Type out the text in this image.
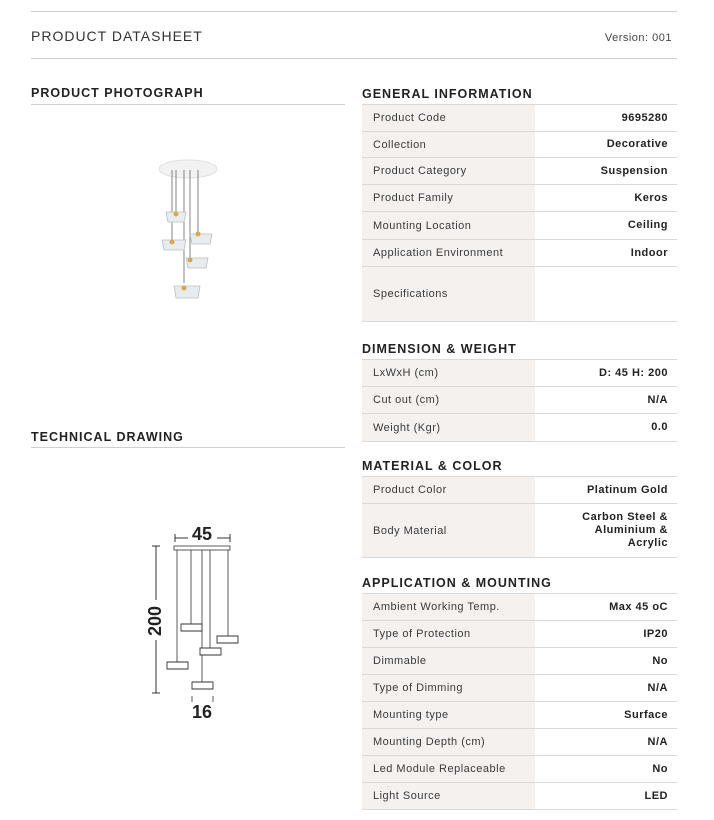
PRODUCT DATASHEET	Version: 001
PRODUCT PHOTOGRAPH
TECHNICAL DRAWING
45
200
16
GENERAL INFORMATION
Product Code	9695280
Collection	Decorative
Product Category	Suspension
Product Family	Keros
Mounting Location	Ceiling
Application Environment	Indoor
Specifications	
DIMENSION & WEIGHT
LxWxH (cm)	D: 45 H: 200
Cut out (cm)	N/A
Weight (Kgr)	0.0
MATERIAL & COLOR
Product Color	Platinum Gold
Body Material	Carbon Steel & Aluminium & Acrylic
APPLICATION & MOUNTING
Ambient Working Temp.	Max 45 oC
Type of Protection	IP20
Dimmable	No
Type of Dimming	N/A
Mounting type	Surface
Mounting Depth (cm)	N/A
Led Module Replaceable	No
Light Source	LED
